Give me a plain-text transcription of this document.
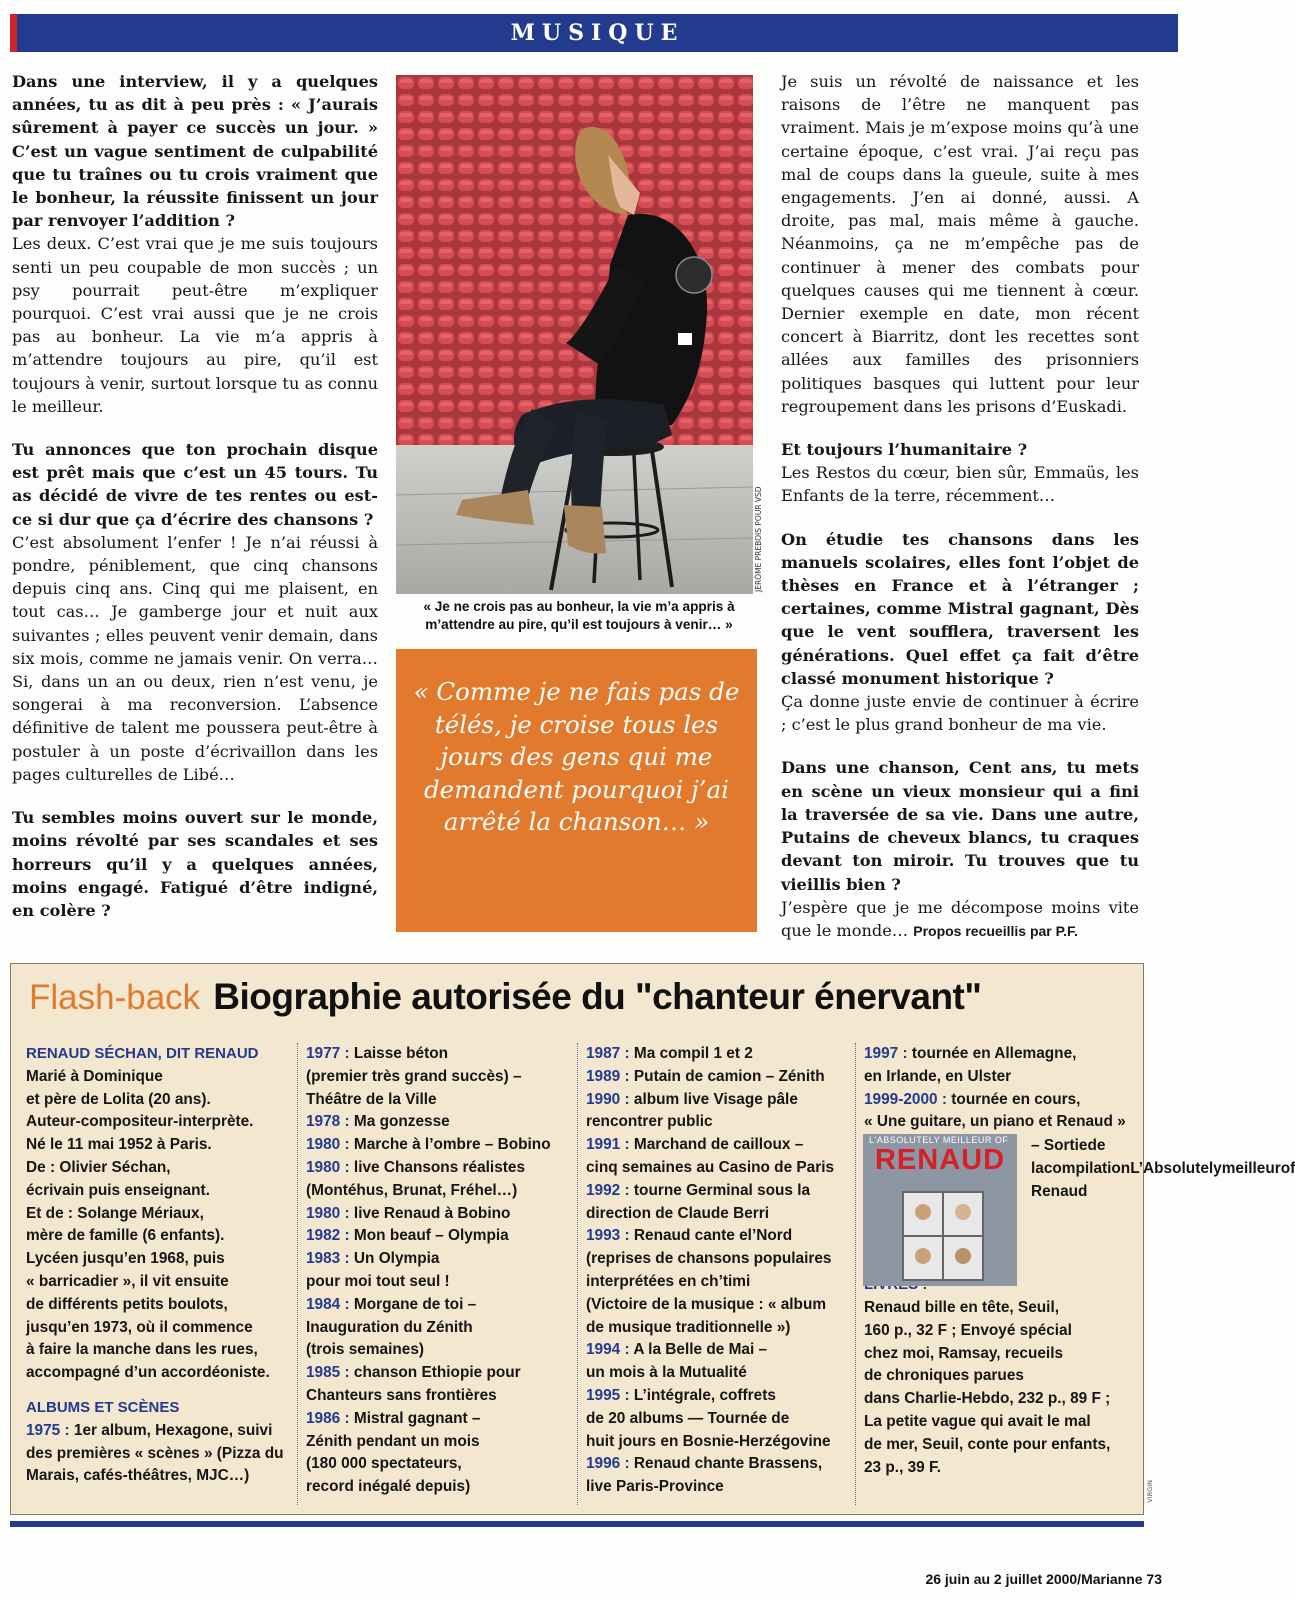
MUSIQUE

Dans une interview, il y a quelques années, tu as dit à peu près : « J’aurais sûrement à payer ce succès un jour. » C’est un vague sentiment de culpabilité que tu traînes ou tu crois vraiment que le bonheur, la réussite finissent un jour par renvoyer l’addition ?

Les deux. C’est vrai que je me suis toujours senti un peu coupable de mon succès ; un psy pourrait peut-être m’expliquer pourquoi. C’est vrai aussi que je ne crois pas au bonheur. La vie m’a appris à m’attendre toujours au pire, qu’il est toujours à venir, surtout lorsque tu as connu le meilleur.

Tu annonces que ton prochain disque est prêt mais que c’est un 45 tours. Tu as décidé de vivre de tes rentes ou est-ce si dur que ça d’écrire des chansons ?

C’est absolument l’enfer ! Je n’ai réussi à pondre, péniblement, que cinq chansons depuis cinq ans. Cinq qui me plaisent, en tout cas… Je gamberge jour et nuit aux suivantes ; elles peuvent venir demain, dans six mois, comme ne jamais venir. On verra… Si, dans un an ou deux, rien n’est venu, je songerai à ma reconversion. L’absence définitive de talent me poussera peut-être à postuler à un poste d’écrivaillon dans les pages culturelles de Libé…

Tu sembles moins ouvert sur le monde, moins révolté par ses scandales et ses horreurs qu’il y a quelques années, moins engagé. Fatigué d’être indigné, en colère ?

JÉRÔME PREBOIS POUR VSD
« Je ne crois pas au bonheur, la vie m’a appris à m’attendre au pire, qu’il est toujours à venir… »
« Comme je ne fais pas de télés, je croise tous les jours des gens qui me demandent pourquoi j’ai arrêté la chanson… »

Je suis un révolté de naissance et les raisons de l’être ne manquent pas vraiment. Mais je m’expose moins qu’à une certaine époque, c’est vrai. J’ai reçu pas mal de coups dans la gueule, suite à mes engagements. J’en ai donné, aussi. A droite, pas mal, mais même à gauche. Néanmoins, ça ne m’empêche pas de continuer à mener des combats pour quelques causes qui me tiennent à cœur. Dernier exemple en date, mon récent concert à Biarritz, dont les recettes sont allées aux familles des prisonniers politiques basques qui luttent pour leur regroupement dans les prisons d’Euskadi.

Et toujours l’humanitaire ?

Les Restos du cœur, bien sûr, Emmaüs, les Enfants de la terre, récemment…

On étudie tes chansons dans les manuels scolaires, elles font l’objet de thèses en France et à l’étranger ; certaines, comme Mistral gagnant, Dès que le vent soufflera, traversent les générations. Quel effet ça fait d’être classé monument historique ?

Ça donne juste envie de continuer à écrire ; c’est le plus grand bonheur de ma vie.

Dans une chanson, Cent ans, tu mets en scène un vieux monsieur qui a fini la traversée de sa vie. Dans une autre, Putains de cheveux blancs, tu craques devant ton miroir. Tu trouves que tu vieillis bien ?

J’espère que je me décompose moins vite que le monde… Propos recueillis par P.F.

Flash-back Biographie autorisée du "chanteur énervant"
RENAUD SÉCHAN, DIT RENAUD
Marié à Dominique
et père de Lolita (20 ans).
Auteur-compositeur-interprète.
Né le 11 mai 1952 à Paris.
De : Olivier Séchan,
écrivain puis enseignant.
Et de : Solange Mériaux,
mère de famille (6 enfants).
Lycéen jusqu’en 1968, puis
« barricadier », il vit ensuite
de différents petits boulots,
jusqu’en 1973, où il commence
à faire la manche dans les rues,
accompagné d’un accordéoniste.
ALBUMS ET SCÈNES
1975 : 1er album, Hexagone, suivi
des premières « scènes » (Pizza du
Marais, cafés-théâtres, MJC…)
1977 : Laisse béton
(premier très grand succès) –
Théâtre de la Ville
1978 : Ma gonzesse
1980 : Marche à l’ombre – Bobino
1980 : live Chansons réalistes
(Montéhus, Brunat, Fréhel…)
1980 : live Renaud à Bobino
1982 : Mon beauf – Olympia
1983 : Un Olympia
pour moi tout seul !
1984 : Morgane de toi –
Inauguration du Zénith
(trois semaines)
1985 : chanson Ethiopie pour
Chanteurs sans frontières
1986 : Mistral gagnant –
Zénith pendant un mois
(180 000 spectateurs,
record inégalé depuis)
1987 : Ma compil 1 et 2
1989 : Putain de camion – Zénith
1990 : album live Visage pâle
rencontrer public
1991 : Marchand de cailloux –
cinq semaines au Casino de Paris
1992 : tourne Germinal sous la
direction de Claude Berri
1993 : Renaud cante el’Nord
(reprises de chansons populaires
interprétées en ch’timi
(Victoire de la musique : « album
de musique traditionnelle »)
1994 : A la Belle de Mai –
un mois à la Mutualité
1995 : L’intégrale, coffrets
de 20 albums — Tournée de
huit jours en Bosnie-Herzégovine
1996 : Renaud chante Brassens,
live Paris-Province
1997 : tournée en Allemagne,
en Irlande, en Ulster
1999-2000 : tournée en cours,
« Une guitare, un piano et Renaud »
Renaud bille en tête, Seuil,
160 p., 32 F ; Envoyé spécial
chez moi, Ramsay, recueils
de chroniques parues
dans Charlie-Hebdo, 232 p., 89 F ;
La petite vague qui avait le mal
de mer, Seuil, conte pour enfants,
23 p., 39 F.
L'ABSOLUTELY MEILLEUR OF
RENAUD	– Sortiede lacompilationL’Absolutelymeilleurof Renaud
VIRGIN
26 juin au 2 juillet 2000/Marianne 73
